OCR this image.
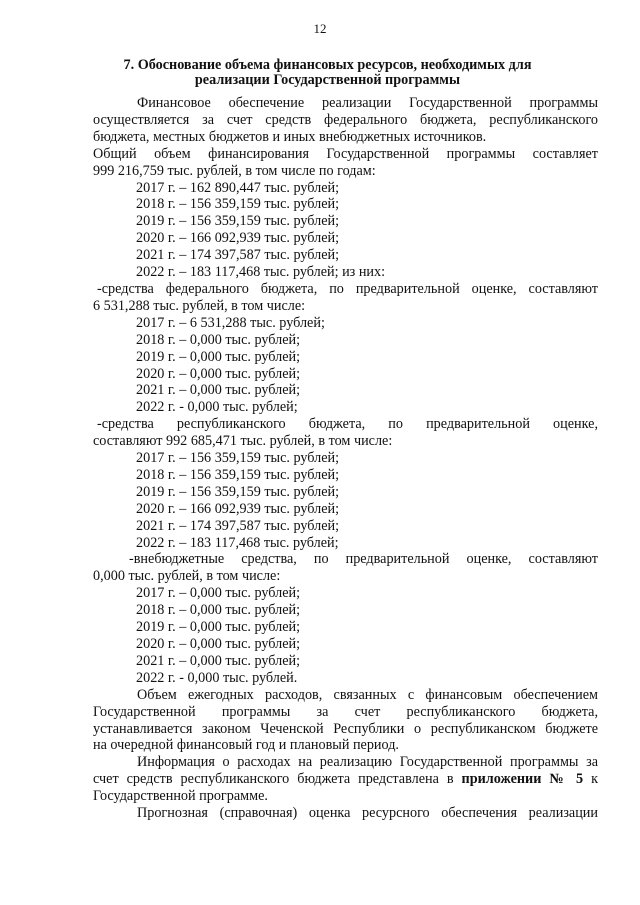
12
7. Обоснование объема финансовых ресурсов, необходимых для
реализации Государственной программы

Финансовое обеспечение реализации Государственной программы

осуществляется за счет средств федерального бюджета, республиканского

бюджета, местных бюджетов и иных внебюджетных источников.

Общий объем финансирования Государственной программы составляет

999 216,759 тыс. рублей, в том числе по годам:

2017 г. – 162 890,447 тыс. рублей;

2018 г. – 156 359,159 тыс. рублей;

2019 г. – 156 359,159 тыс. рублей;

2020 г. – 166 092,939 тыс. рублей;

2021 г. – 174 397,587 тыс. рублей;

2022 г. – 183 117,468 тыс. рублей; из них:

-средства федерального бюджета, по предварительной оценке, составляют

6 531,288 тыс. рублей, в том числе:

2017 г. – 6 531,288 тыс. рублей;

2018 г. – 0,000 тыс. рублей;

2019 г. – 0,000 тыс. рублей;

2020 г. – 0,000 тыс. рублей;

2021 г. – 0,000 тыс. рублей;

2022 г. - 0,000 тыс. рублей;

-средства республиканского бюджета, по предварительной оценке,

составляют 992 685,471 тыс. рублей, в том числе:

2017 г. – 156 359,159 тыс. рублей;

2018 г. – 156 359,159 тыс. рублей;

2019 г. – 156 359,159 тыс. рублей;

2020 г. – 166 092,939 тыс. рублей;

2021 г. – 174 397,587 тыс. рублей;

2022 г. – 183 117,468 тыс. рублей;

-внебюджетные средства, по предварительной оценке, составляют

0,000 тыс. рублей, в том числе:

2017 г. – 0,000 тыс. рублей;

2018 г. – 0,000 тыс. рублей;

2019 г. – 0,000 тыс. рублей;

2020 г. – 0,000 тыс. рублей;

2021 г. – 0,000 тыс. рублей;

2022 г. - 0,000 тыс. рублей.

Объем ежегодных расходов, связанных с финансовым обеспечением

Государственной программы за счет республиканского бюджета,

устанавливается законом Чеченской Республики о республиканском бюджете

на очередной финансовый год и плановый период.

Информация о расходах на реализацию Государственной программы за

счет средств республиканского бюджета представлена в приложении № 5 к

Государственной программе.

Прогнозная (справочная) оценка ресурсного обеспечения реализации
